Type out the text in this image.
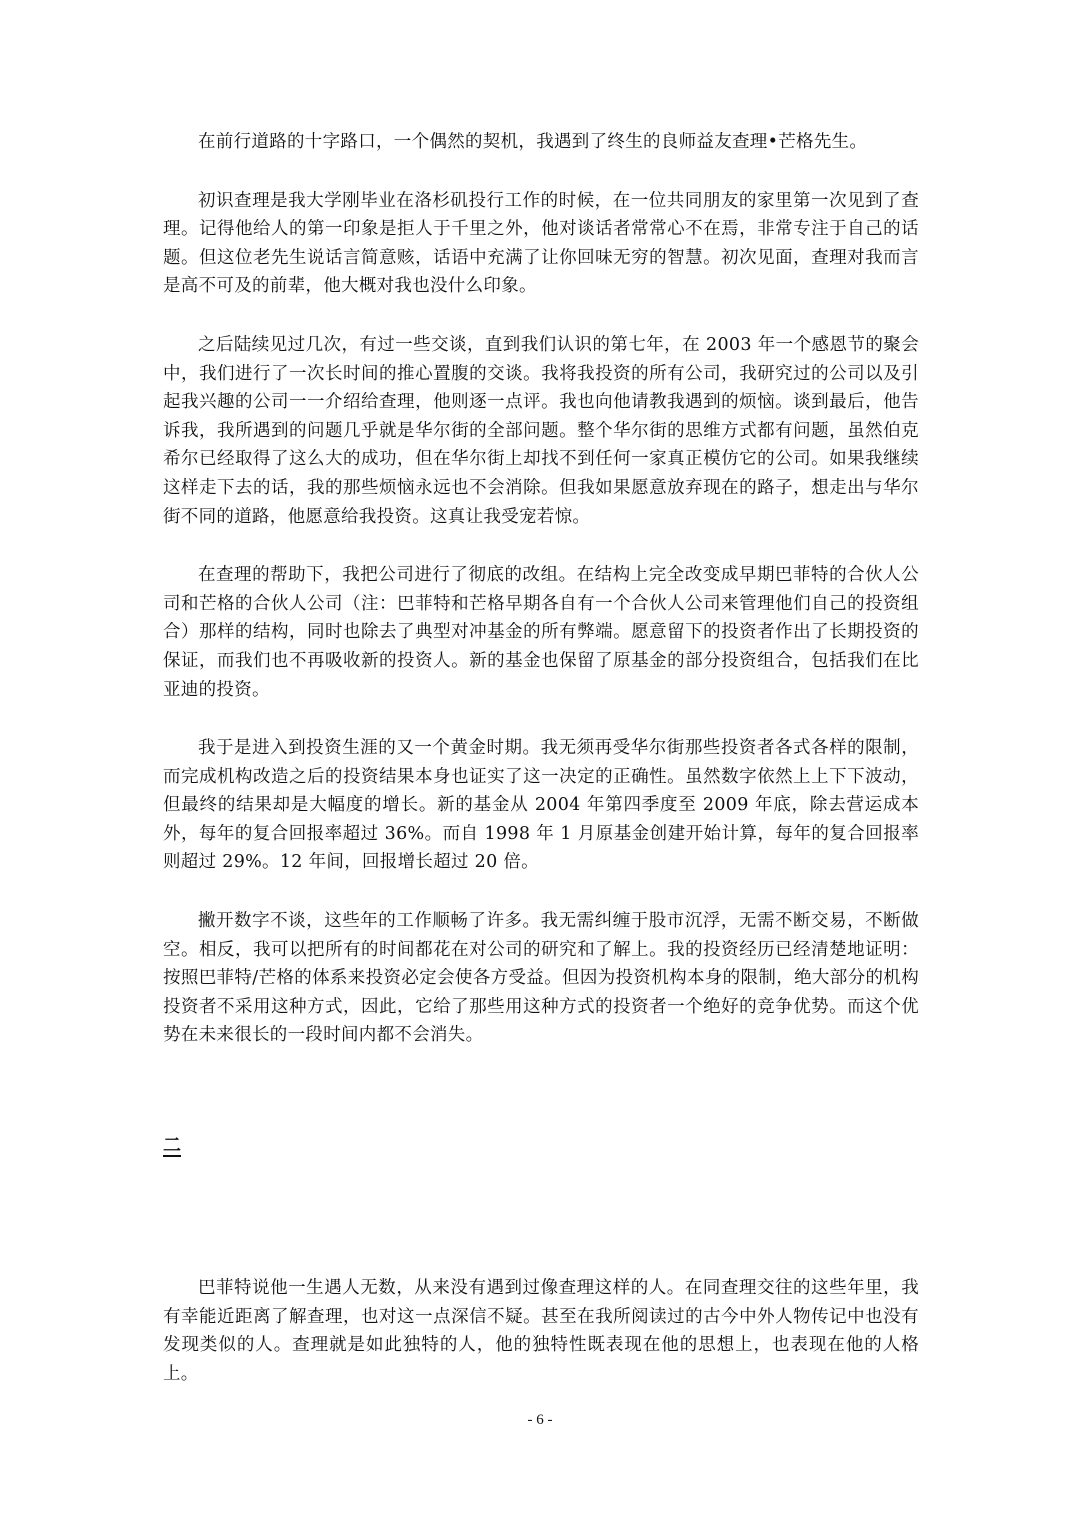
在前行道路的十字路口，一个偶然的契机，我遇到了终生的良师益友查理•芒格先生。

初识查理是我大学刚毕业在洛杉矶投行工作的时候，在一位共同朋友的家里第一次见到了查理。记得他给人的第一印象是拒人于千里之外，他对谈话者常常心不在焉，非常专注于自己的话题。但这位老先生说话言简意赅，话语中充满了让你回味无穷的智慧。初次见面，查理对我而言是高不可及的前辈，他大概对我也没什么印象。

之后陆续见过几次，有过一些交谈，直到我们认识的第七年，在 2003 年一个感恩节的聚会中，我们进行了一次长时间的推心置腹的交谈。我将我投资的所有公司，我研究过的公司以及引起我兴趣的公司一一介绍给查理，他则逐一点评。我也向他请教我遇到的烦恼。谈到最后，他告诉我，我所遇到的问题几乎就是华尔街的全部问题。整个华尔街的思维方式都有问题，虽然伯克希尔已经取得了这么大的成功，但在华尔街上却找不到任何一家真正模仿它的公司。如果我继续这样走下去的话，我的那些烦恼永远也不会消除。但我如果愿意放弃现在的路子，想走出与华尔街不同的道路，他愿意给我投资。这真让我受宠若惊。

在查理的帮助下，我把公司进行了彻底的改组。在结构上完全改变成早期巴菲特的合伙人公司和芒格的合伙人公司（注：巴菲特和芒格早期各自有一个合伙人公司来管理他们自己的投资组合）那样的结构，同时也除去了典型对冲基金的所有弊端。愿意留下的投资者作出了长期投资的保证，而我们也不再吸收新的投资人。新的基金也保留了原基金的部分投资组合，包括我们在比亚迪的投资。

我于是进入到投资生涯的又一个黄金时期。我无须再受华尔街那些投资者各式各样的限制，而完成机构改造之后的投资结果本身也证实了这一决定的正确性。虽然数字依然上上下下波动，但最终的结果却是大幅度的增长。新的基金从 2004 年第四季度至 2009 年底，除去营运成本外，每年的复合回报率超过 36%。而自 1998 年 1 月原基金创建开始计算，每年的复合回报率则超过 29%。12 年间，回报增长超过 20 倍。

撇开数字不谈，这些年的工作顺畅了许多。我无需纠缠于股市沉浮，无需不断交易，不断做空。相反，我可以把所有的时间都花在对公司的研究和了解上。我的投资经历已经清楚地证明：按照巴菲特/芒格的体系来投资必定会使各方受益。但因为投资机构本身的限制，绝大部分的机构投资者不采用这种方式，因此，它给了那些用这种方式的投资者一个绝好的竞争优势。而这个优势在未来很长的一段时间内都不会消失。

二

巴菲特说他一生遇人无数，从来没有遇到过像查理这样的人。在同查理交往的这些年里，我有幸能近距离了解查理，也对这一点深信不疑。甚至在我所阅读过的古今中外人物传记中也没有发现类似的人。查理就是如此独特的人，他的独特性既表现在他的思想上，也表现在他的人格上。

- 6 -
